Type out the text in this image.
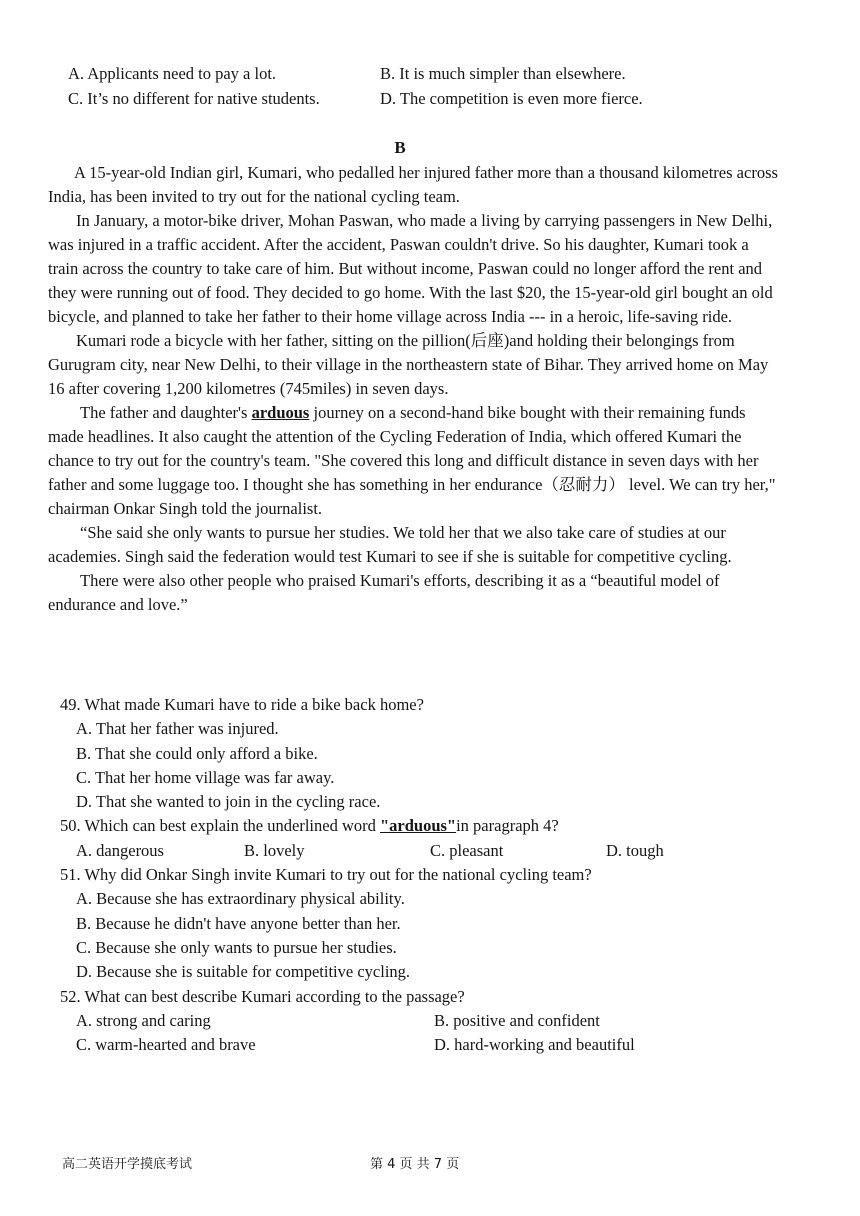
A. Applicants need to pay a lot.	B. It is much simpler than elsewhere.
C. It’s no different for native students.	D. The competition is even more fierce.
B

A 15-year-old Indian girl, Kumari, who pedalled her injured father more than a thousand kilometres across India, has been invited to try out for the national cycling team.

In January, a motor-bike driver, Mohan Paswan, who made a living by carrying passengers in New Delhi, was injured in a traffic accident. After the accident, Paswan couldn't drive. So his daughter, Kumari took a train across the country to take care of him. But without income, Paswan could no longer afford the rent and they were running out of food. They decided to go home. With the last $20, the 15-year-old girl bought an old bicycle, and planned to take her father to their home village across India --- in a heroic, life-saving ride.

Kumari rode a bicycle with her father, sitting on the pillion(后座)and holding their belongings from Gurugram city, near New Delhi, to their village in the northeastern state of Bihar. They arrived home on May 16 after covering 1,200 kilometres (745miles) in seven days.

The father and daughter's arduous journey on a second-hand bike bought with their remaining funds made headlines. It also caught the attention of the Cycling Federation of India, which offered Kumari the chance to try out for the country's team. "She covered this long and difficult distance in seven days with her father and some luggage too. I thought she has something in her endurance（忍耐力） level. We can try her," chairman Onkar Singh told the journalist.

“She said she only wants to pursue her studies. We told her that we also take care of studies at our academies. Singh said the federation would test Kumari to see if she is suitable for competitive cycling.

There were also other people who praised Kumari's efforts, describing it as a “beautiful model of endurance and love.”

49. What made Kumari have to ride a bike back home?

A. That her father was injured.

B. That she could only afford a bike.

C. That her home village was far away.

D. That she wanted to join in the cycling race.

50. Which can best explain the underlined word "arduous"in paragraph 4?

A. dangerous	B. lovely	C. pleasant	D. tough

51. Why did Onkar Singh invite Kumari to try out for the national cycling team?

A. Because she has extraordinary physical ability.

B. Because he didn't have anyone better than her.

C. Because she only wants to pursue her studies.

D. Because she is suitable for competitive cycling.

52. What can best describe Kumari according to the passage?

A. strong and caring	B. positive and confident
C. warm-hearted and brave	D. hard-working and beautiful
高二英语开学摸底考试	第 4 页 共 7 页
